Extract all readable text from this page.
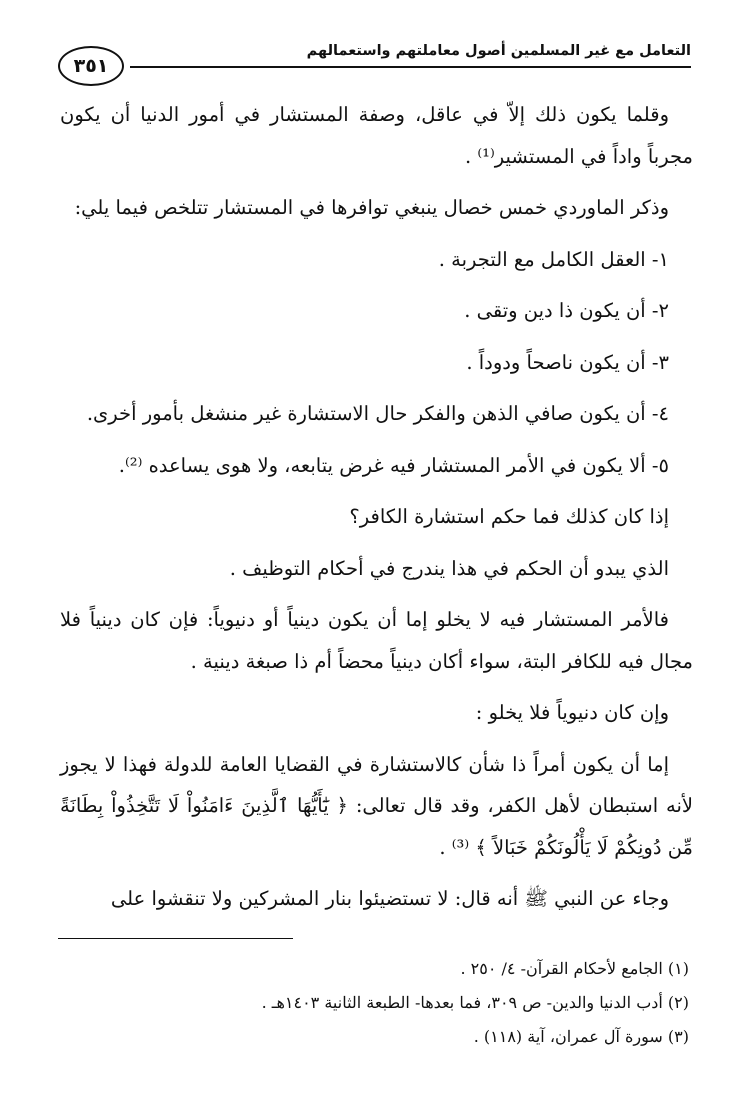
التعامل مع غير المسلمين أصول معاملتهم واستعمالهم
٣٥١

وقلما يكون ذلك إلاّ في عاقل، وصفة المستشار في أمور الدنيا أن يكون مجرباً واداً في المستشير⁽¹⁾ .

وذكر الماوردي خمس خصال ينبغي توافرها في المستشار تتلخص فيما يلي:

١- العقل الكامل مع التجربة .

٢- أن يكون ذا دين وتقى .

٣- أن يكون ناصحاً ودوداً .

٤- أن يكون صافي الذهن والفكر حال الاستشارة غير منشغل بأمور أخرى.

٥- ألا يكون في الأمر المستشار فيه غرض يتابعه، ولا هوى يساعده ⁽²⁾.

إذا كان كذلك فما حكم استشارة الكافر؟

الذي يبدو أن الحكم في هذا يندرج في أحكام التوظيف .

فالأمر المستشار فيه لا يخلو إما أن يكون دينياً أو دنيوياً: فإن كان دينياً فلا مجال فيه للكافر البتة، سواء أكان دينياً محضاً أم ذا صبغة دينية .

وإن كان دنيوياً فلا يخلو :

إما أن يكون أمراً ذا شأن كالاستشارة في القضايا العامة للدولة فهذا لا يجوز لأنه استبطان لأهل الكفر، وقد قال تعالى: ﴿ يَٰٓأَيُّهَا ٱلَّذِينَ ءَامَنُواْ لَا تَتَّخِذُواْ بِطَانَةً مِّن دُونِكُمْ لَا يَأْلُونَكُمْ خَبَالاً ﴾ ⁽³⁾ .

وجاء عن النبي ﷺ أنه قال: لا تستضيئوا بنار المشركين ولا تنقشوا على

(١) الجامع لأحكام القرآن- ٤/ ٢٥٠ .

(٢) أدب الدنيا والدين- ص ٣٠٩، فما بعدها- الطبعة الثانية ١٤٠٣هـ .

(٣) سورة آل عمران، آية (١١٨) .
